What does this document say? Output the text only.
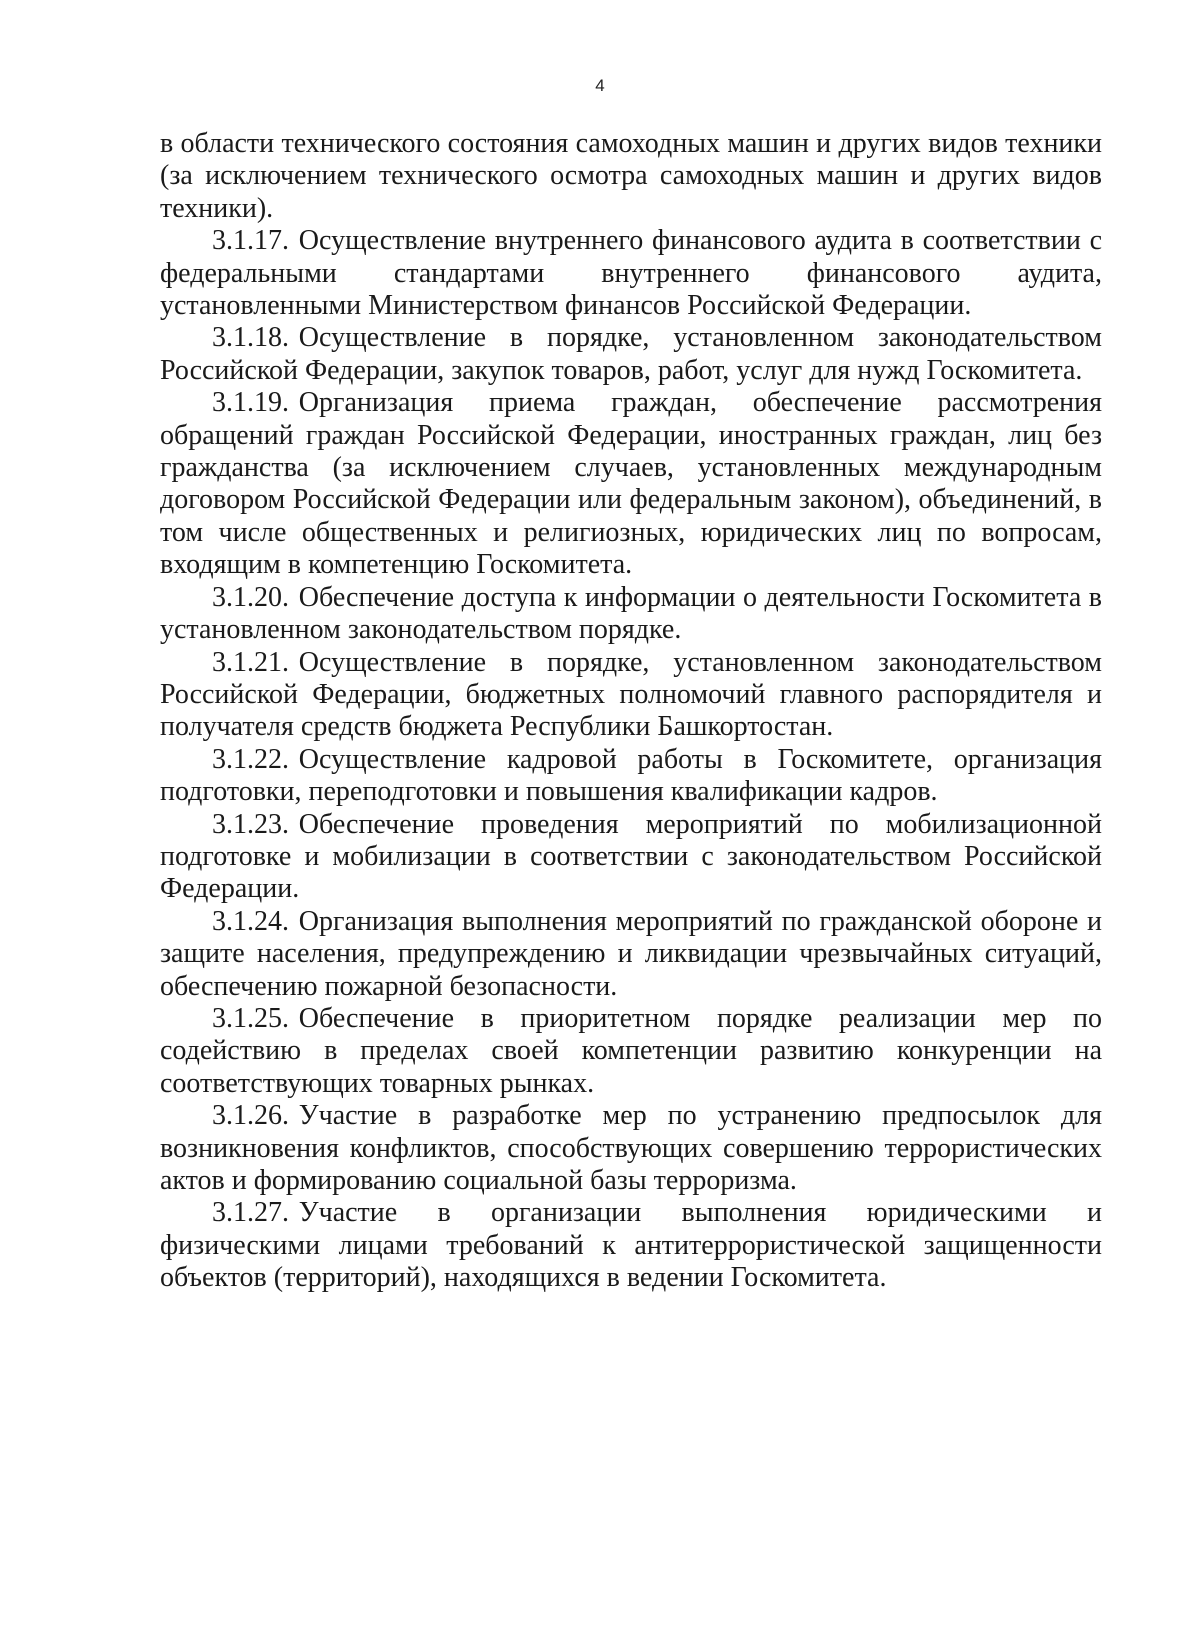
4

в области технического состояния самоходных машин и других видов техники (за исключением технического осмотра самоходных машин и других видов техники).

3.1.17. Осуществление внутреннего финансового аудита в соответствии с федеральными стандартами внутреннего финансового аудита, установленными Министерством финансов Российской Федерации.

3.1.18. Осуществление в порядке, установленном законодательством Российской Федерации, закупок товаров, работ, услуг для нужд Госкомитета.

3.1.19. Организация приема граждан, обеспечение рассмотрения обращений граждан Российской Федерации, иностранных граждан, лиц без гражданства (за исключением случаев, установленных международным договором Российской Федерации или федеральным законом), объединений, в том числе общественных и религиозных, юридических лиц по вопросам, входящим в компетенцию Госкомитета.

3.1.20. Обеспечение доступа к информации о деятельности Госкомитета в установленном законодательством порядке.

3.1.21. Осуществление в порядке, установленном законодательством Российской Федерации, бюджетных полномочий главного распорядителя и получателя средств бюджета Республики Башкортостан.

3.1.22. Осуществление кадровой работы в Госкомитете, организация подготовки, переподготовки и повышения квалификации кадров.

3.1.23. Обеспечение проведения мероприятий по мобилизационной подготовке и мобилизации в соответствии с законодательством Российской Федерации.

3.1.24. Организация выполнения мероприятий по гражданской обороне и защите населения, предупреждению и ликвидации чрезвычайных ситуаций, обеспечению пожарной безопасности.

3.1.25. Обеспечение в приоритетном порядке реализации мер по содействию в пределах своей компетенции развитию конкуренции на соответствующих товарных рынках.

3.1.26. Участие в разработке мер по устранению предпосылок для возникновения конфликтов, способствующих совершению террористических актов и формированию социальной базы терроризма.

3.1.27. Участие в организации выполнения юридическими и физическими лицами требований к антитеррористической защищенности объектов (территорий), находящихся в ведении Госкомитета.
